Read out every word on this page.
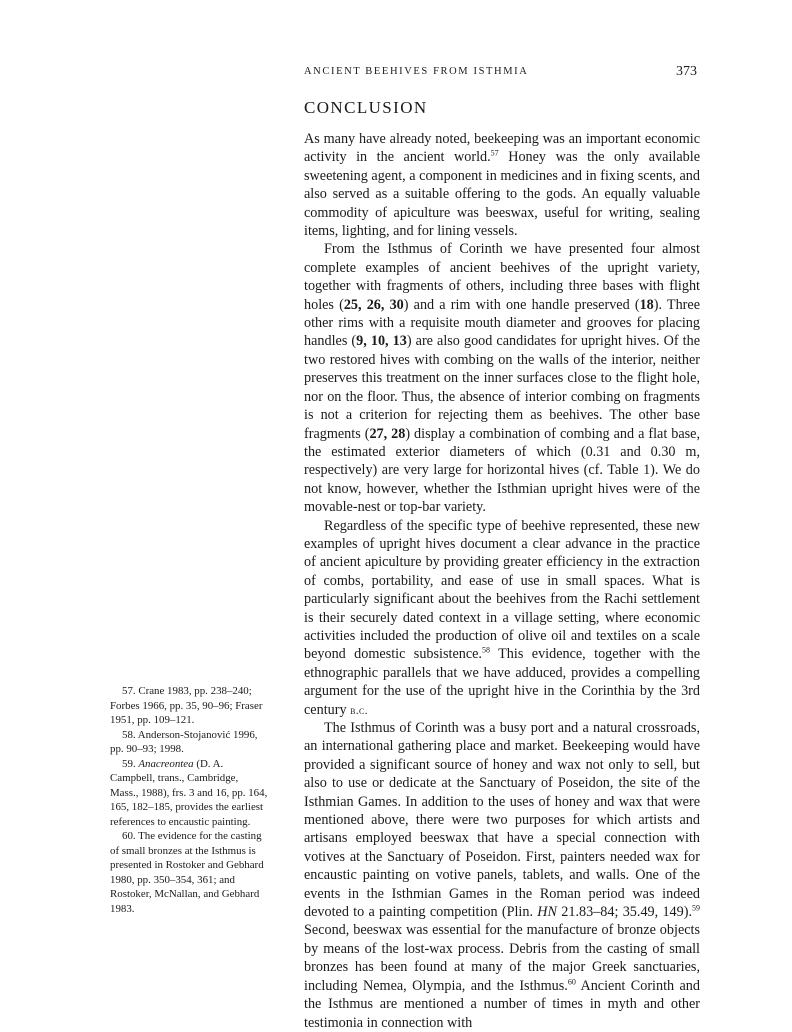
ANCIENT BEEHIVES FROM ISTHMIA	373
CONCLUSION

As many have already noted, beekeeping was an important economic activity in the ancient world.$^{57}$ Honey was the only available sweetening agent, a component in medicines and in fixing scents, and also served as a suitable offering to the gods. An equally valuable commodity of apiculture was beeswax, useful for writing, sealing items, lighting, and for lining vessels.

From the Isthmus of Corinth we have presented four almost complete examples of ancient beehives of the upright variety, together with fragments of others, including three bases with flight holes (25, 26, 30) and a rim with one handle preserved (18). Three other rims with a requisite mouth diameter and grooves for placing handles (9, 10, 13) are also good candidates for upright hives. Of the two restored hives with combing on the walls of the interior, neither preserves this treatment on the inner surfaces close to the flight hole, nor on the floor. Thus, the absence of interior combing on fragments is not a criterion for rejecting them as beehives. The other base fragments (27, 28) display a combination of combing and a flat base, the estimated exterior diameters of which (0.31 and 0.30 m, respectively) are very large for horizontal hives (cf. Table 1). We do not know, however, whether the Isthmian upright hives were of the movable-nest or top-bar variety.

Regardless of the specific type of beehive represented, these new examples of upright hives document a clear advance in the practice of ancient apiculture by providing greater efficiency in the extraction of combs, portability, and ease of use in small spaces. What is particularly significant about the beehives from the Rachi settlement is their securely dated context in a village setting, where economic activities included the production of olive oil and textiles on a scale beyond domestic subsistence.$^{58}$ This evidence, together with the ethnographic parallels that we have adduced, provides a compelling argument for the use of the upright hive in the Corinthia by the 3rd century b.c.

The Isthmus of Corinth was a busy port and a natural crossroads, an international gathering place and market. Beekeeping would have provided a significant source of honey and wax not only to sell, but also to use or dedicate at the Sanctuary of Poseidon, the site of the Isthmian Games. In addition to the uses of honey and wax that were mentioned above, there were two purposes for which artists and artisans employed beeswax that have a special connection with votives at the Sanctuary of Poseidon. First, painters needed wax for encaustic painting on votive panels, tablets, and walls. One of the events in the Isthmian Games in the Roman period was indeed devoted to a painting competition (Plin. HN 21.83–84; 35.49, 149).$^{59}$ Second, beeswax was essential for the manufacture of bronze objects by means of the lost-wax process. Debris from the casting of small bronzes has been found at many of the major Greek sanctuaries, including Nemea, Olympia, and the Isthmus.$^{60}$ Ancient Corinth and the Isthmus are mentioned a number of times in myth and other testimonia in connection with

57. Crane 1983, pp. 238–240; Forbes 1966, pp. 35, 90–96; Fraser 1951, pp. 109–121.

58. Anderson-Stojanović 1996, pp. 90–93; 1998.

59. Anacreontea (D. A. Campbell, trans., Cambridge, Mass., 1988), frs. 3 and 16, pp. 164, 165, 182–185, provides the earliest references to encaustic painting.

60. The evidence for the casting of small bronzes at the Isthmus is presented in Rostoker and Gebhard 1980, pp. 350–354, 361; and Rostoker, McNallan, and Gebhard 1983.
